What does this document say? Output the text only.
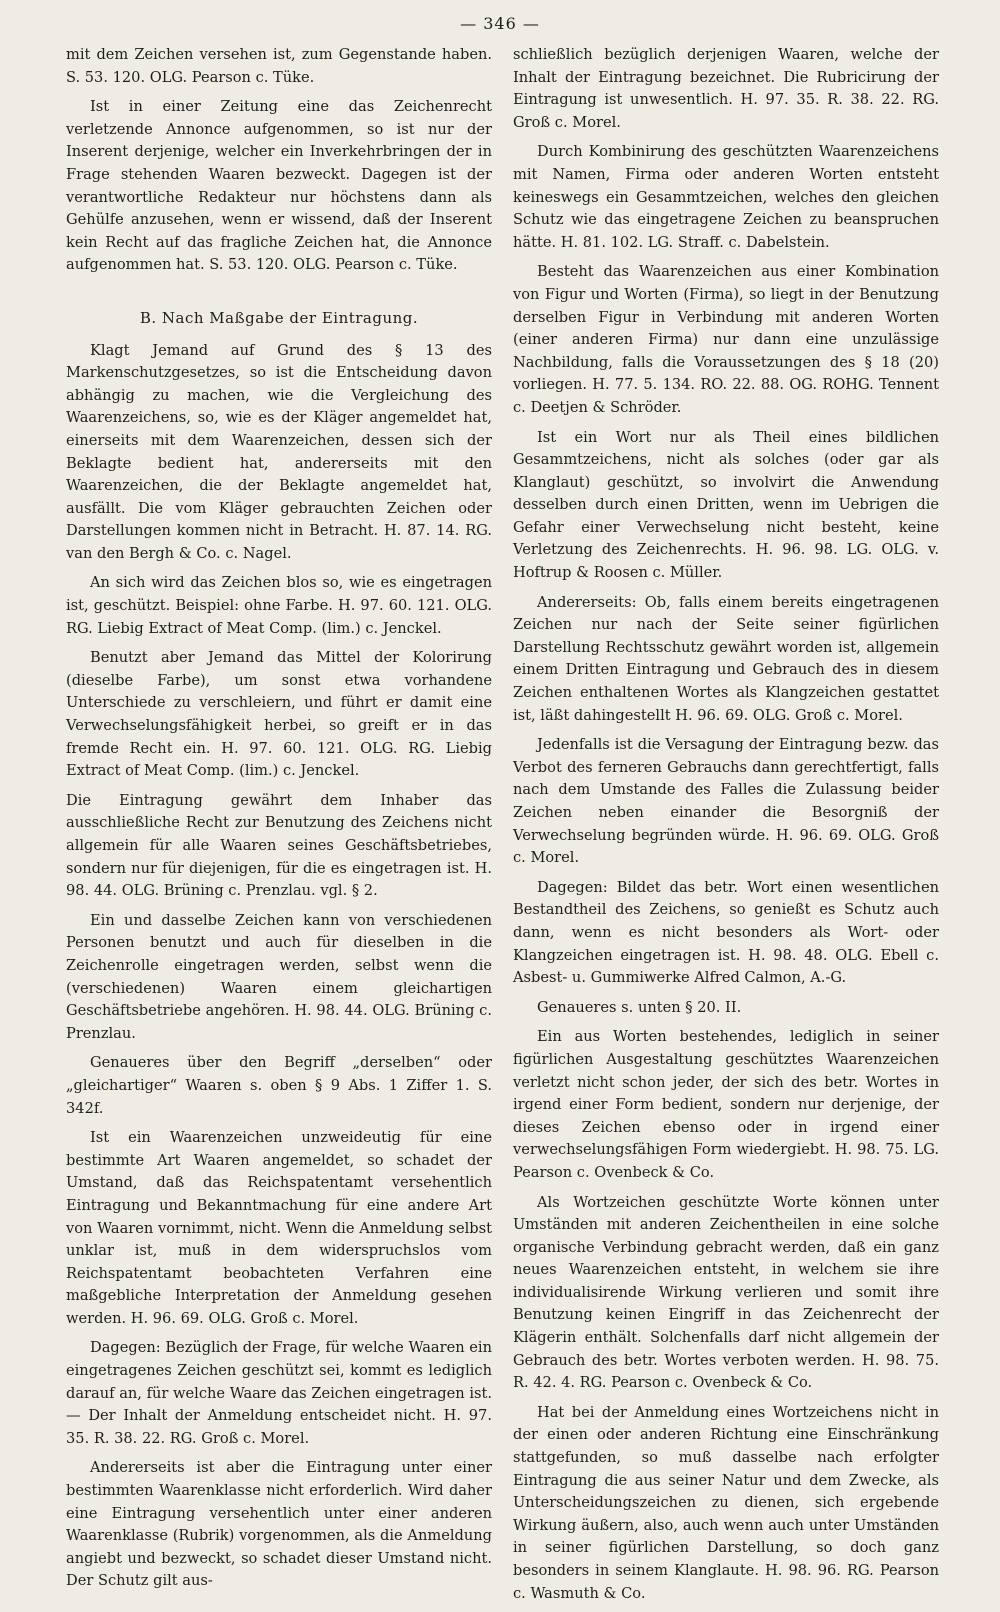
— 346 —

mit dem Zeichen versehen ist, zum Gegenstande haben. S. 53. 120. OLG. Pearson c. Tüke.

Ist in einer Zeitung eine das Zeichenrecht verletzende Annonce aufgenommen, so ist nur der Inserent derjenige, welcher ein Inverkehrbringen der in Frage stehenden Waaren bezweckt. Dagegen ist der verantwortliche Redakteur nur höchstens dann als Gehülfe anzusehen, wenn er wissend, daß der Inserent kein Recht auf das fragliche Zeichen hat, die Annonce aufgenommen hat. S. 53. 120. OLG. Pearson c. Tüke.

B. Nach Maßgabe der Eintragung.

Klagt Jemand auf Grund des § 13 des Markenschutzgesetzes, so ist die Entscheidung davon abhängig zu machen, wie die Vergleichung des Waarenzeichens, so, wie es der Kläger angemeldet hat, einerseits mit dem Waarenzeichen, dessen sich der Beklagte bedient hat, andererseits mit den Waarenzeichen, die der Beklagte angemeldet hat, ausfällt. Die vom Kläger gebrauchten Zeichen oder Darstellungen kommen nicht in Betracht. H. 87. 14. RG. van den Bergh & Co. c. Nagel.

An sich wird das Zeichen blos so, wie es eingetragen ist, geschützt. Beispiel: ohne Farbe. H. 97. 60. 121. OLG. RG. Liebig Extract of Meat Comp. (lim.) c. Jenckel.

Benutzt aber Jemand das Mittel der Kolorirung (dieselbe Farbe), um sonst etwa vorhandene Unterschiede zu verschleiern, und führt er damit eine Verwechselungsfähigkeit herbei, so greift er in das fremde Recht ein. H. 97. 60. 121. OLG. RG. Liebig Extract of Meat Comp. (lim.) c. Jenckel.

Die Eintragung gewährt dem Inhaber das ausschließliche Recht zur Benutzung des Zeichens nicht allgemein für alle Waaren seines Geschäftsbetriebes, sondern nur für diejenigen, für die es eingetragen ist. H. 98. 44. OLG. Brüning c. Prenzlau. vgl. § 2.

Ein und dasselbe Zeichen kann von verschiedenen Personen benutzt und auch für dieselben in die Zeichenrolle eingetragen werden, selbst wenn die (verschiedenen) Waaren einem gleichartigen Geschäftsbetriebe angehören. H. 98. 44. OLG. Brüning c. Prenzlau.

Genaueres über den Begriff „derselben“ oder „gleichartiger“ Waaren s. oben § 9 Abs. 1 Ziffer 1. S. 342f.

Ist ein Waarenzeichen unzweideutig für eine bestimmte Art Waaren angemeldet, so schadet der Umstand, daß das Reichspatentamt versehentlich Eintragung und Bekanntmachung für eine andere Art von Waaren vornimmt, nicht. Wenn die Anmeldung selbst unklar ist, muß in dem widerspruchslos vom Reichspatentamt beobachteten Verfahren eine maßgebliche Interpretation der Anmeldung gesehen werden. H. 96. 69. OLG. Groß c. Morel.

Dagegen: Bezüglich der Frage, für welche Waaren ein eingetragenes Zeichen geschützt sei, kommt es lediglich darauf an, für welche Waare das Zeichen eingetragen ist. — Der Inhalt der Anmeldung entscheidet nicht. H. 97. 35. R. 38. 22. RG. Groß c. Morel.

Andererseits ist aber die Eintragung unter einer bestimmten Waarenklasse nicht erforderlich. Wird daher eine Eintragung versehentlich unter einer anderen Waarenklasse (Rubrik) vorgenommen, als die Anmeldung angiebt und bezweckt, so schadet dieser Umstand nicht. Der Schutz gilt aus-

schließlich bezüglich derjenigen Waaren, welche der Inhalt der Eintragung bezeichnet. Die Rubricirung der Eintragung ist unwesentlich. H. 97. 35. R. 38. 22. RG. Groß c. Morel.

Durch Kombinirung des geschützten Waarenzeichens mit Namen, Firma oder anderen Worten entsteht keineswegs ein Gesammtzeichen, welches den gleichen Schutz wie das eingetragene Zeichen zu beanspruchen hätte. H. 81. 102. LG. Straff. c. Dabelstein.

Besteht das Waarenzeichen aus einer Kombination von Figur und Worten (Firma), so liegt in der Benutzung derselben Figur in Verbindung mit anderen Worten (einer anderen Firma) nur dann eine unzulässige Nachbildung, falls die Voraussetzungen des § 18 (20) vorliegen. H. 77. 5. 134. RO. 22. 88. OG. ROHG. Tennent c. Deetjen & Schröder.

Ist ein Wort nur als Theil eines bildlichen Gesammtzeichens, nicht als solches (oder gar als Klanglaut) geschützt, so involvirt die Anwendung desselben durch einen Dritten, wenn im Uebrigen die Gefahr einer Verwechselung nicht besteht, keine Verletzung des Zeichenrechts. H. 96. 98. LG. OLG. v. Hoftrup & Roosen c. Müller.

Andererseits: Ob, falls einem bereits eingetragenen Zeichen nur nach der Seite seiner figürlichen Darstellung Rechtsschutz gewährt worden ist, allgemein einem Dritten Eintragung und Gebrauch des in diesem Zeichen enthaltenen Wortes als Klangzeichen gestattet ist, läßt dahingestellt H. 96. 69. OLG. Groß c. Morel.

Jedenfalls ist die Versagung der Eintragung bezw. das Verbot des ferneren Gebrauchs dann gerechtfertigt, falls nach dem Umstande des Falles die Zulassung beider Zeichen neben einander die Besorgniß der Verwechselung begründen würde. H. 96. 69. OLG. Groß c. Morel.

Dagegen: Bildet das betr. Wort einen wesentlichen Bestandtheil des Zeichens, so genießt es Schutz auch dann, wenn es nicht besonders als Wort- oder Klangzeichen eingetragen ist. H. 98. 48. OLG. Ebell c. Asbest- u. Gummiwerke Alfred Calmon, A.-G.

Genaueres s. unten § 20. II.

Ein aus Worten bestehendes, lediglich in seiner figürlichen Ausgestaltung geschütztes Waarenzeichen verletzt nicht schon jeder, der sich des betr. Wortes in irgend einer Form bedient, sondern nur derjenige, der dieses Zeichen ebenso oder in irgend einer verwechselungsfähigen Form wiedergiebt. H. 98. 75. LG. Pearson c. Ovenbeck & Co.

Als Wortzeichen geschützte Worte können unter Umständen mit anderen Zeichentheilen in eine solche organische Verbindung gebracht werden, daß ein ganz neues Waarenzeichen entsteht, in welchem sie ihre individualisirende Wirkung verlieren und somit ihre Benutzung keinen Eingriff in das Zeichenrecht der Klägerin enthält. Solchenfalls darf nicht allgemein der Gebrauch des betr. Wortes verboten werden. H. 98. 75. R. 42. 4. RG. Pearson c. Ovenbeck & Co.

Hat bei der Anmeldung eines Wortzeichens nicht in der einen oder anderen Richtung eine Einschränkung stattgefunden, so muß dasselbe nach erfolgter Eintragung die aus seiner Natur und dem Zwecke, als Unterscheidungszeichen zu dienen, sich ergebende Wirkung äußern, also, auch wenn auch unter Umständen in seiner figürlichen Darstellung, so doch ganz besonders in seinem Klanglaute. H. 98. 96. RG. Pearson c. Wasmuth & Co.
